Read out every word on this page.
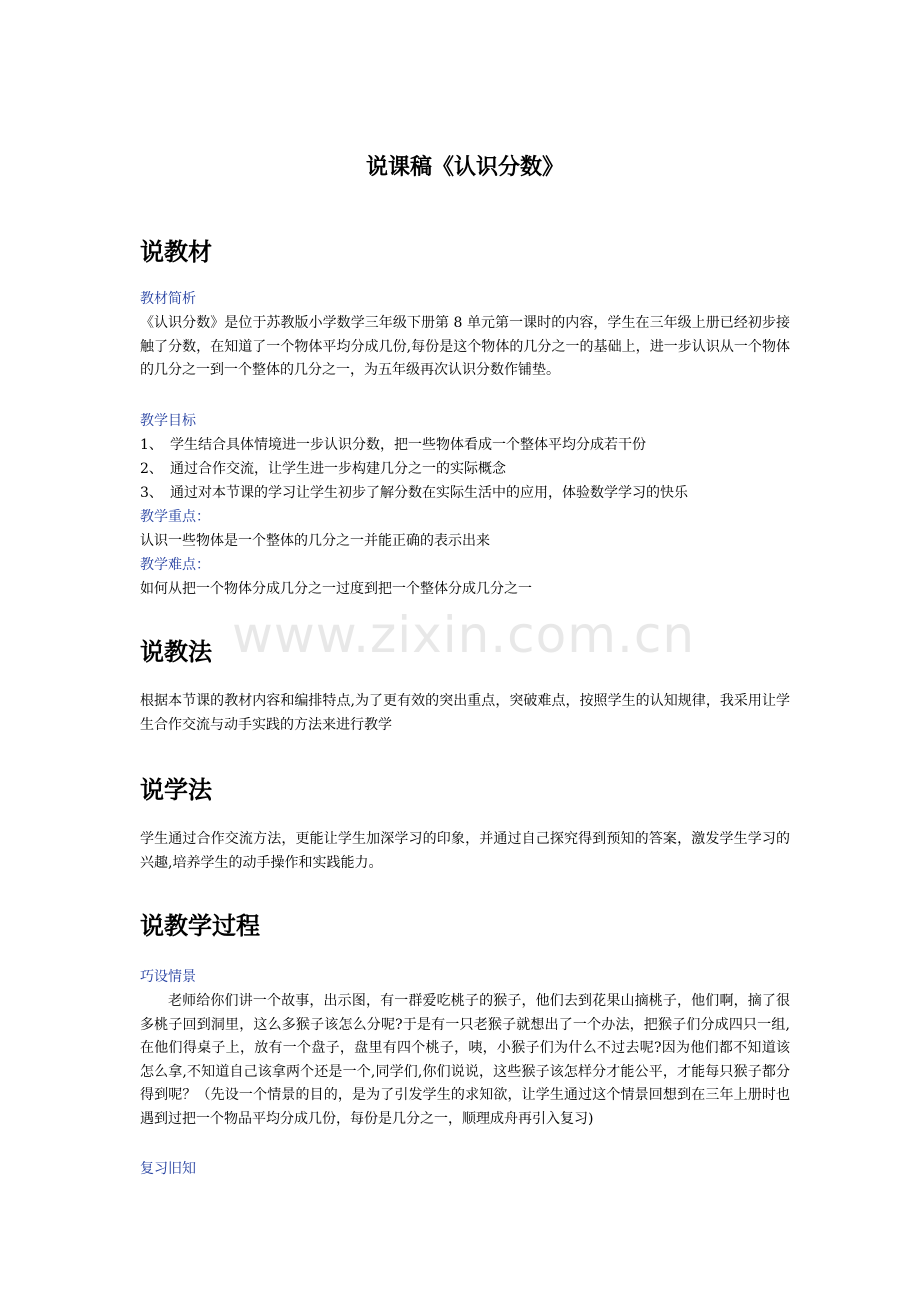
www.zixin.com.cn
说课稿《认识分数》
说教材

教材简析

《认识分数》是位于苏教版小学数学三年级下册第 8 单元第一课时的内容，学生在三年级上册已经初步接触了分数，在知道了一个物体平均分成几份,每份是这个物体的几分之一的基础上，进一步认识从一个物体的几分之一到一个整体的几分之一，为五年级再次认识分数作铺垫。

教学目标

1、 学生结合具体情境进一步认识分数，把一些物体看成一个整体平均分成若干份

2、 通过合作交流，让学生进一步构建几分之一的实际概念

3、 通过对本节课的学习让学生初步了解分数在实际生活中的应用，体验数学学习的快乐

教学重点：

认识一些物体是一个整体的几分之一并能正确的表示出来

教学难点：

如何从把一个物体分成几分之一过度到把一个整体分成几分之一

说教法

根据本节课的教材内容和编排特点,为了更有效的突出重点，突破难点，按照学生的认知规律，我采用让学生合作交流与动手实践的方法来进行教学

说学法

学生通过合作交流方法，更能让学生加深学习的印象，并通过自己探究得到预知的答案，激发学生学习的兴趣,培养学生的动手操作和实践能力。

说教学过程

巧设情景

老师给你们讲一个故事，出示图，有一群爱吃桃子的猴子，他们去到花果山摘桃子，他们啊，摘了很多桃子回到洞里，这么多猴子该怎么分呢?于是有一只老猴子就想出了一个办法，把猴子们分成四只一组,在他们得桌子上，放有一个盘子，盘里有四个桃子，咦，小猴子们为什么不过去呢?因为他们都不知道该怎么拿,不知道自己该拿两个还是一个,同学们,你们说说，这些猴子该怎样分才能公平，才能每只猴子都分得到呢？（先设一个情景的目的，是为了引发学生的求知欲，让学生通过这个情景回想到在三年上册时也遇到过把一个物品平均分成几份，每份是几分之一，顺理成舟再引入复习)

复习旧知
